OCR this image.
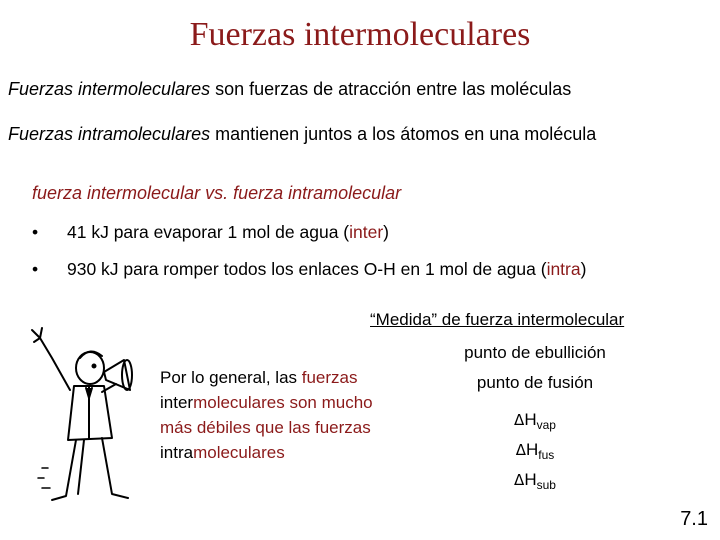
Fuerzas intermoleculares
Fuerzas intermoleculares son fuerzas de atracción entre las moléculas
Fuerzas intramoleculares mantienen juntos a los átomos en una molécula
fuerza intermolecular vs. fuerza intramolecular
• 41 kJ para evaporar 1 mol de agua (inter)
• 930 kJ para romper todos los enlaces O-H en 1 mol de agua (intra)
“Medida” de fuerza intermolecular
Por lo general, las fuerzas intermoleculares son mucho más débiles que las fuerzas intramoleculares
punto de ebullición
punto de fusión
$\Delta H_{vap}$
$\Delta H_{fus}$
$\Delta H_{sub}$
7.1
